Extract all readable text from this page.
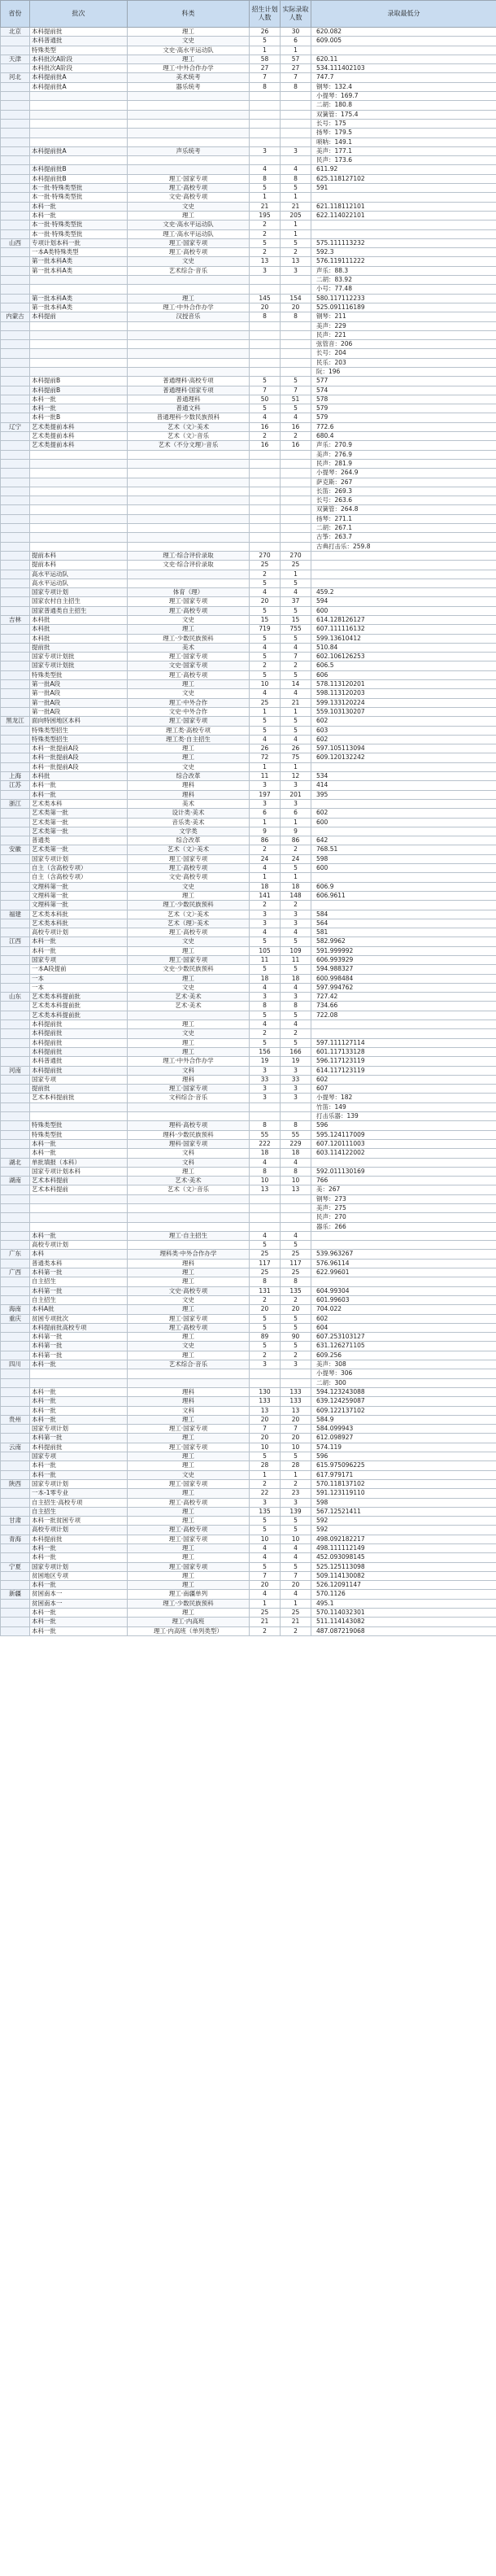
省份	批次	科类	招生计划人数	实际录取人数	录取最低分
北京	本科提前批	理工	26	30	620.082
	本科普通批	文史	5	6	609.005
	特殊类型	文史·高水平运动队	1	1	
天津	本科批次A阶段	理工	58	57	620.11
	本科批次A阶段	理工·中外合作办学	27	27	534.111402103
河北	本科提前批A	美术统考	7	7	747.7
	本科提前批A	器乐统考	8	8	钢琴：132.4
					小提琴：169.7
					二胡：180.8
					双簧管：175.4
					长号：175
					扬琴：179.5
					唢呐：149.1
	本科提前批A	声乐统考	3	3	美声：177.1
					民声：173.6
	本科提前批B		4	4	611.92
	本科提前批B	理工·国家专项	8	8	625.118127102
	本一批·特殊类型批	理工·高校专项	5	5	591
	本一批·特殊类型批	文史·高校专项	1	1	
	本科一批	文史	21	21	621.118112101
	本科一批	理工	195	205	622.114022101
	本一批·特殊类型批	文史·高水平运动队	2	1	
	本一批·特殊类型批	理工·高水平运动队	2	1	
山西	专项计划本科一批	理工·国家专项	5	5	575.111113232
	一本A类特殊类型	理工·高校专项	2	2	592.3
	第一批本科A类	文史	13	13	576.119111222
	第一批本科A类	艺术综合·音乐	3	3	声乐：88.3
					二胡：83.92
					小号：77.48
	第一批本科A类	理工	145	154	580.117112233
	第一批本科A类	理工·中外合作办学	20	20	525.091116189
内蒙古	本科提前	汉授音乐	8	8	钢琴：211
					美声：229
					民声：221
					弦管音：206
					长号：204
					民乐：203
					阮：196
	本科提前B	普通理科·高校专项	5	5	577
	本科提前B	普通理科·国家专项	7	7	574
	本科一批	普通理科	50	51	578
	本科一批	普通文科	5	5	579
	本科一批B	普通理科·少数民族预科	4	4	579
辽宁	艺术类提前本科	艺术（文）·美术	16	16	772.6
	艺术类提前本科	艺术（文）·音乐	2	2	680.4
	艺术类提前本科	艺术（不分文理）·音乐	16	16	声乐：270.9
					美声：276.9
					民声：281.9
					小提琴：264.9
					萨克斯：267
					长笛：269.3
					长号：263.6
					双簧管：264.8
					扬琴：271.1
					二胡：267.1
					古筝：263.7
					古典打击乐：259.8
	提前本科	理工·综合评价录取	270	270	
	提前本科	文史·综合评价录取	25	25	
	高水平运动队		2	1	
	高水平运动队		5	5	
	国家专项计划	体育（理）	4	4	459.2
	国家农村自主招生	理工·国家专项	20	37	594
	国家普通类自主招生	理工·高校专项	5	5	600
吉林	本科批	文史	15	15	614.128126127
	本科批	理工	719	755	607.111116132
	本科批	理工·少数民族预科	5	5	599.13610412
	提前批	美术	4	4	510.84
	国家专项计划批	理工·国家专项	5	7	602.106126253
	国家专项计划批	文史·国家专项	2	2	606.5
	特殊类型批	理工·高校专项	5	5	606
	第一批A段	理工	10	14	578.113120201
	第一批A段	文史	4	4	598.113120203
	第一批A段	理工·中外合作	25	21	599.133120224
	第一批A段	文史·中外合作	1	1	559.103130207
黑龙江	面向特困地区本科	理工·国家专项	5	5	602
	特殊类型招生	理工类·高校专项	5	5	603
	特殊类型招生	理工类·自主招生	4	4	602
	本科一批提前A段	理工	26	26	597.105113094
	本科一批提前A段	理工	72	75	609.120132242
	本科一批提前A段	文史	1	1	
上海	本科批	综合改革	11	12	534
江苏	本科一批	理科	3	3	414
	本科一批	理科	197	201	395
浙江	艺术类本科	美术	3	3	
	艺术类第一批	设计类·美术	6	6	602
	艺术类第一批	音乐类·美术	1	1	600
	艺术类第一批	文学类	9	9	
	普通类	综合改革	86	86	642
安徽	艺术类第一批	艺术（文）·美术	2	2	768.51
	国家专项计划	理工·国家专项	24	24	598
	自主（含高校专项）	理工·高校专项	4	5	600
	自主（含高校专项）	文史·高校专项	1	1	
	文理科第一批	文史	18	18	606.9
	文理科第一批	理工	141	148	606.9611
	文理科第一批	理工·少数民族预科	2	2	
福建	艺术类本科批	艺术（文）·美术	3	3	584
	艺术类本科批	艺术（理）·美术	3	3	564
	高校专项计划	理工·高校专项	4	4	581
江西	本科一批	文史	5	5	582.9962
	本科一批	理工	105	109	591.999992
	国家专项	理工·国家专项	11	11	606.993929
	一本A段提前	文史·少数民族预科	5	5	594.988327
	一本	理工	18	18	600.998484
	一本	文史	4	4	597.994762
山东	艺术类本科提前批	艺术·美术	3	3	727.42
	艺术类本科提前批	艺术·美术	8	8	734.66
	艺术类本科提前批		5	5	722.08
	本科提前批	理工	4	4	
	本科提前批	文史	2	2	
	本科提前批	理工	5	5	597.111127114
	本科提前批	理工	156	166	601.117133128
	本科普通批	理工·中外合作办学	19	19	596.117123119
河南	本科提前批	文科	3	3	614.117123119
	国家专项	理科	33	33	602
	提前批	理工·国家专项	3	3	607
	艺术本科提前批	文科综合·音乐	3	3	小提琴：182
					竹笛：149
					打击乐器：139
	特殊类型批	理科·高校专项	8	8	596
	特殊类型批	理科·少数民族预科	55	55	595.124117009
	本科一批	理科·国家专项	222	229	607.120111003
	本科一批	文科	18	18	603.114122002
湖北	单批填报（本科）	文科	4	4	
	国家专项计划本科	理工	8	8	592.011130169
湖南	艺术本科提前	艺术·美术	10	10	766
	艺术本科提前	艺术（文）·音乐	13	13	美：267
					钢琴：273
					美声：275
					民声：270
					器乐：266
	本科一批	理工·自主招生	4	4	
	高校专项计划		5	5	
广东	本科	理科类·中外合作办学	25	25	539.963267
	普通类本科	理科	117	117	576.96114
广西	本科第一批	理工	25	25	622.99601
	自主招生	理工	8	8	
	本科第一批	文史·高校专项	131	135	604.99304
	自主招生	文史	2	2	601.99603
海南	本科A批	理工	20	20	704.022
重庆	贫困专项批次	理工·国家专项	5	5	602
	本科提前批高校专项	理工·高校专项	5	5	604
	本科第一批	理工	89	90	607.253103127
	本科第一批	文史	5	5	631.126271105
	本科第一批	理工	2	2	609.256
四川	本科一批	艺术综合·音乐	3	3	美声：308
					小提琴：306
					二胡：300
	本科一批	理科	130	133	594.123243088
	本科一批	理科	133	133	639.124259087
	本科一批	文科	13	13	609.122137102
贵州	本科一批	理工	20	20	584.9
	国家专项计划	理工·国家专项	7	7	584.099943
	本科第一批	理工	20	20	612.098927
云南	本科提前批	理工·国家专项	10	10	574.119
	国家专项	理工	5	5	596
	本科一批	理工	28	28	615.975096225
	本科一批	文史	1	1	617.979171
陕西	国家专项计划	理工·国家专项	2	2	570.118137102
	一本-1零专业	理工	22	23	591.123119110
	自主招生·高校专项	理工·高校专项	3	3	598
	自主招生	理工	135	139	567.12521411
甘肃	本科一批贫困专项	理工	5	5	592
	高校专项计划	理工·高校专项	5	5	592
青海	本科提前批	理工·国家专项	10	10	498.092182217
	本科一批	理工	4	4	498.111112149
	本科一批	理工	4	4	452.093098145
宁夏	国家专项计划	理工·国家专项	5	5	525.125113098
	贫困地区专项	理工	7	7	509.114130082
	本科一批	理工	20	20	526.12091147
新疆	贫困南本一	理工·南疆单列	4	4	570.1126
	贫困南本一	理工·少数民族预科	1	1	495.1
	本科一批	理工	25	25	570.114032301
	本科一批	理工·内高班	21	21	511.114143082
	本科一批	理工·内高班（单列类型）	2	2	487.087219068
